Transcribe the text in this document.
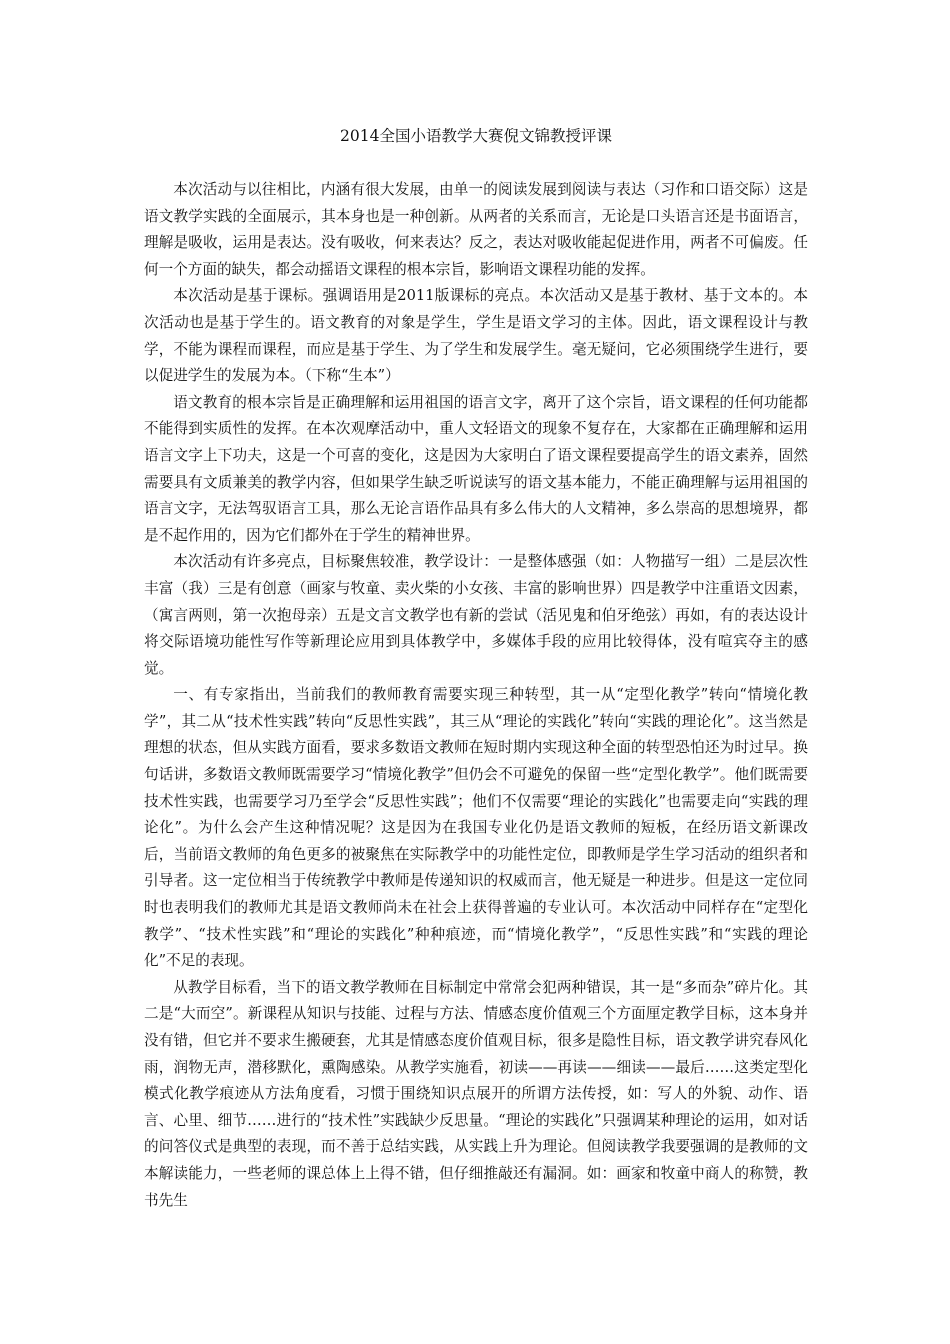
2014全国小语教学大赛倪文锦教授评课

本次活动与以往相比，内涵有很大发展，由单一的阅读发展到阅读与表达（习作和口语交际）这是语文教学实践的全面展示，其本身也是一种创新。从两者的关系而言，无论是口头语言还是书面语言，理解是吸收，运用是表达。没有吸收，何来表达？反之，表达对吸收能起促进作用，两者不可偏废。任何一个方面的缺失，都会动摇语文课程的根本宗旨，影响语文课程功能的发挥。

本次活动是基于课标。强调语用是2011版课标的亮点。本次活动又是基于教材、基于文本的。本次活动也是基于学生的。语文教育的对象是学生，学生是语文学习的主体。因此，语文课程设计与教学，不能为课程而课程，而应是基于学生、为了学生和发展学生。毫无疑问，它必须围绕学生进行，要以促进学生的发展为本。（下称“生本”）

语文教育的根本宗旨是正确理解和运用祖国的语言文字，离开了这个宗旨，语文课程的任何功能都不能得到实质性的发挥。在本次观摩活动中，重人文轻语文的现象不复存在，大家都在正确理解和运用语言文字上下功夫，这是一个可喜的变化，这是因为大家明白了语文课程要提高学生的语文素养，固然需要具有文质兼美的教学内容，但如果学生缺乏听说读写的语文基本能力，不能正确理解与运用祖国的语言文字，无法驾驭语言工具，那么无论言语作品具有多么伟大的人文精神，多么崇高的思想境界，都是不起作用的，因为它们都外在于学生的精神世界。

本次活动有许多亮点，目标聚焦较准，教学设计：一是整体感强（如：人物描写一组）二是层次性丰富（我）三是有创意（画家与牧童、卖火柴的小女孩、丰富的影响世界）四是教学中注重语文因素，（寓言两则，第一次抱母亲）五是文言文教学也有新的尝试（活见鬼和伯牙绝弦）再如，有的表达设计将交际语境功能性写作等新理论应用到具体教学中，多媒体手段的应用比较得体，没有喧宾夺主的感觉。

一、有专家指出，当前我们的教师教育需要实现三种转型，其一从“定型化教学”转向“情境化教学”，其二从“技术性实践”转向“反思性实践”，其三从“理论的实践化”转向“实践的理论化”。这当然是理想的状态，但从实践方面看，要求多数语文教师在短时期内实现这种全面的转型恐怕还为时过早。换句话讲，多数语文教师既需要学习“情境化教学”但仍会不可避免的保留一些“定型化教学”。他们既需要技术性实践，也需要学习乃至学会“反思性实践”；他们不仅需要“理论的实践化”也需要走向“实践的理论化”。为什么会产生这种情况呢？这是因为在我国专业化仍是语文教师的短板，在经历语文新课改后，当前语文教师的角色更多的被聚焦在实际教学中的功能性定位，即教师是学生学习活动的组织者和引导者。这一定位相当于传统教学中教师是传递知识的权威而言，他无疑是一种进步。但是这一定位同时也表明我们的教师尤其是语文教师尚未在社会上获得普遍的专业认可。本次活动中同样存在“定型化教学”、“技术性实践”和“理论的实践化”种种痕迹，而“情境化教学”，“反思性实践”和“实践的理论化”不足的表现。

从教学目标看，当下的语文教学教师在目标制定中常常会犯两种错误，其一是“多而杂”碎片化。其二是“大而空”。新课程从知识与技能、过程与方法、情感态度价值观三个方面厘定教学目标，这本身并没有错，但它并不要求生搬硬套，尤其是情感态度价值观目标，很多是隐性目标，语文教学讲究春风化雨，润物无声，潜移默化，熏陶感染。从教学实施看，初读——再读——细读——最后……这类定型化模式化教学痕迹从方法角度看，习惯于围绕知识点展开的所谓方法传授，如：写人的外貌、动作、语言、心里、细节……进行的“技术性”实践缺少反思量。“理论的实践化”只强调某种理论的运用，如对话的问答仪式是典型的表现，而不善于总结实践，从实践上升为理论。但阅读教学我要强调的是教师的文本解读能力，一些老师的课总体上上得不错，但仔细推敲还有漏洞。如：画家和牧童中商人的称赞，教书先生
